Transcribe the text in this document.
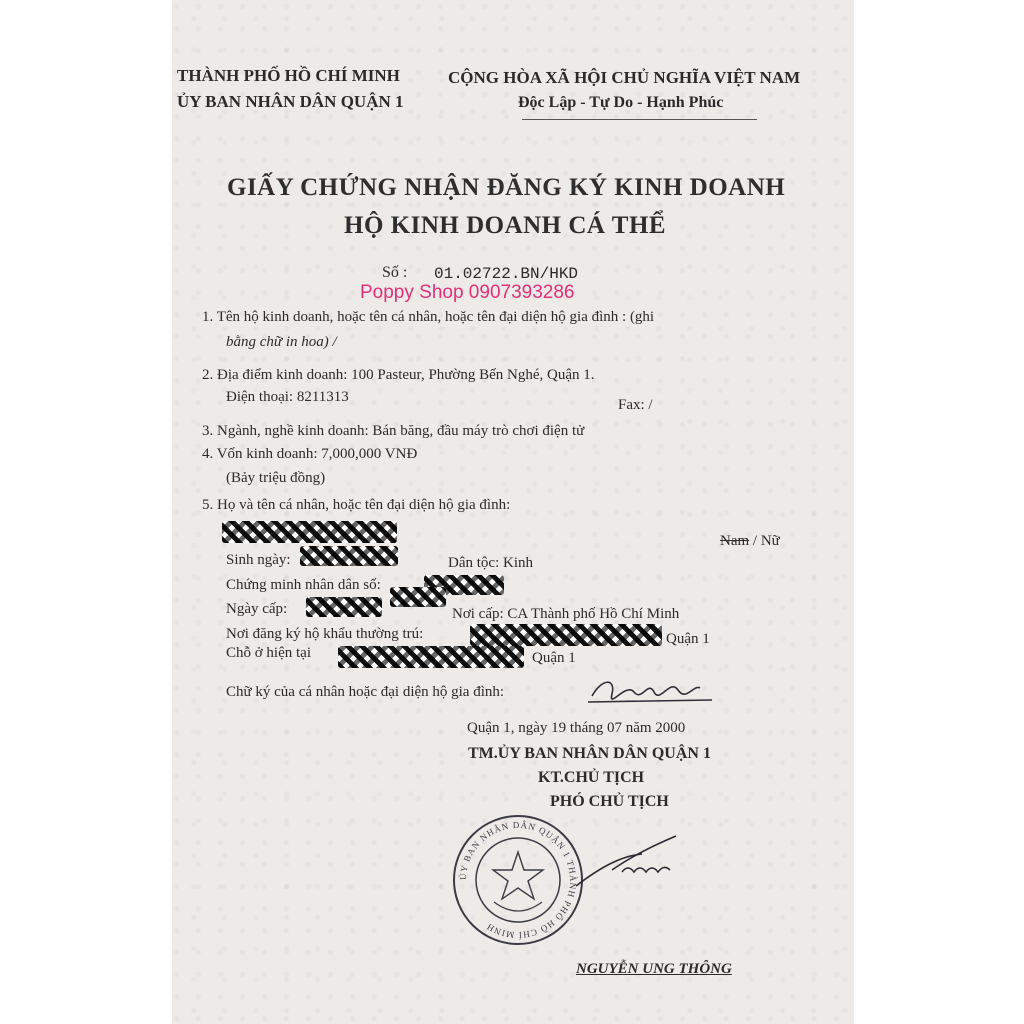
THÀNH PHỐ HỒ CHÍ MINH
ỦY BAN NHÂN DÂN QUẬN 1
CỘNG HÒA XÃ HỘI CHỦ NGHĨA VIỆT NAM
Độc Lập - Tự Do - Hạnh Phúc
GIẤY CHỨNG NHẬN ĐĂNG KÝ KINH DOANH
HỘ KINH DOANH CÁ THỂ
Số : 01.02722.BN/HKD
Poppy Shop 0907393286
1. Tên hộ kinh doanh, hoặc tên cá nhân, hoặc tên đại diện hộ gia đình : (ghi
bằng chữ in hoa) /
2. Địa điểm kinh doanh: 100 Pasteur, Phường Bến Nghé, Quận 1.
Điện thoại: 8211313	Fax: /
3. Ngành, nghề kinh doanh: Bán băng, đầu máy trò chơi điện tử
4. Vốn kinh doanh: 7,000,000 VNĐ
(Bảy triệu đồng)
5. Họ và tên cá nhân, hoặc tên đại diện hộ gia đình:
Nam / Nữ
Sinh ngày:	Dân tộc: Kinh
Chứng minh nhân dân số:
Ngày cấp:	Nơi cấp: CA Thành phố Hồ Chí Minh
Nơi đăng ký hộ khẩu thường trú:	Quận 1
Chỗ ở hiện tại	Quận 1
Chữ ký của cá nhân hoặc đại diện hộ gia đình:
Quận 1, ngày 19 tháng 07 năm 2000
TM.ỦY BAN NHÂN DÂN QUẬN 1
KT.CHỦ TỊCH
PHÓ CHỦ TỊCH
ỦY BAN NHÂN DÂN QUẬN 1 THÀNH PHỐ HỒ CHÍ MINH
NGUYỄN UNG THÔNG
